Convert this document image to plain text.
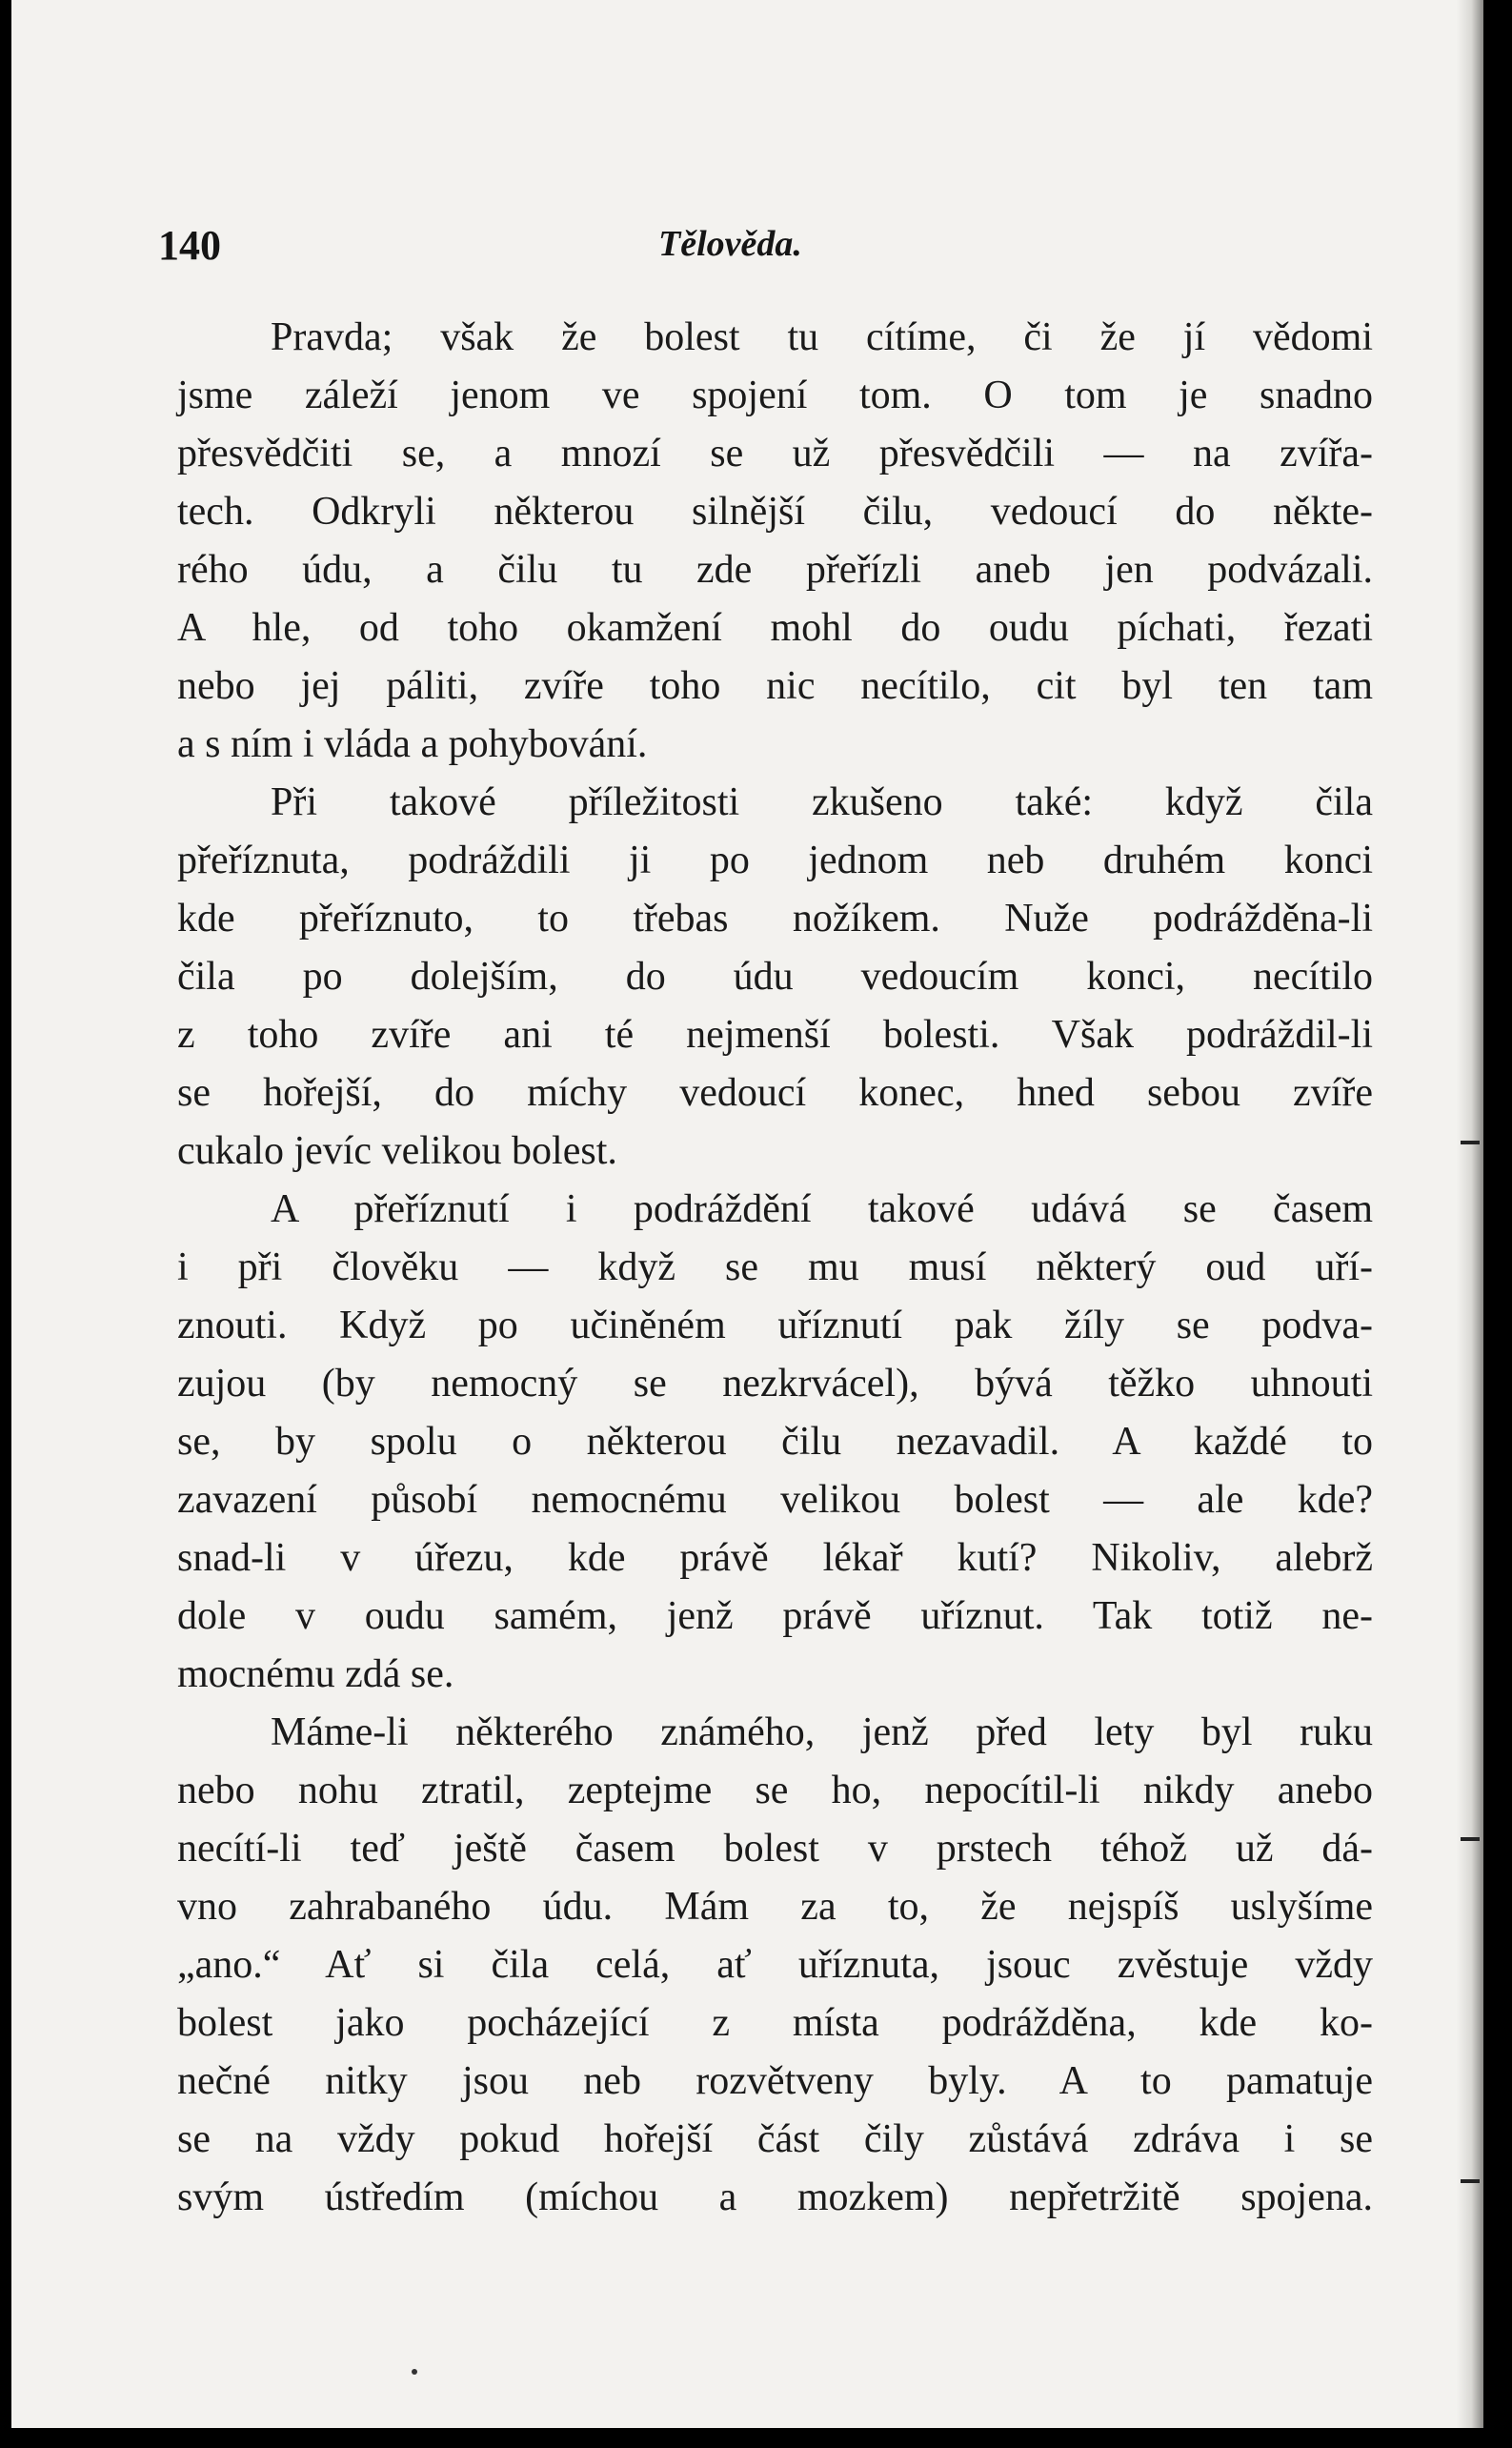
140	Tělověda.
Pravda; však že bolest tu cítíme, či že jí vědomi
jsme záleží jenom ve spojení tom. O tom je snadno
přesvědčiti se, a mnozí se už přesvědčili — na zvířa-
tech. Odkryli některou silnější čilu, vedoucí do někte-
rého údu, a čilu tu zde přeřízli aneb jen podvázali.
A hle, od toho okamžení mohl do oudu píchati, řezati
nebo jej páliti, zvíře toho nic necítilo, cit byl ten tam
a s ním i vláda a pohybování.
Při takové příležitosti zkušeno také: když čila
přeříznuta, podráždili ji po jednom neb druhém konci
kde přeříznuto, to třebas nožíkem. Nuže podrážděna-li
čila po dolejším, do údu vedoucím konci, necítilo
z toho zvíře ani té nejmenší bolesti. Však podráždil-li
se hořejší, do míchy vedoucí konec, hned sebou zvíře
cukalo jevíc velikou bolest.
A přeříznutí i podráždění takové udává se časem
i při člověku — když se mu musí některý oud uří-
znouti. Když po učiněném uříznutí pak žíly se podva-
zujou (by nemocný se nezkrvácel), bývá těžko uhnouti
se, by spolu o některou čilu nezavadil. A každé to
zavazení působí nemocnému velikou bolest — ale kde?
snad-li v úřezu, kde právě lékař kutí? Nikoliv, alebrž
dole v oudu samém, jenž právě uříznut. Tak totiž ne-
mocnému zdá se.
Máme-li některého známého, jenž před lety byl ruku
nebo nohu ztratil, zeptejme se ho, nepocítil-li nikdy anebo
necítí-li teď ještě časem bolest v prstech téhož už dá-
vno zahrabaného údu. Mám za to, že nejspíš uslyšíme
„ano.“ Ať si čila celá, ať uříznuta, jsouc zvěstuje vždy
bolest jako pocházející z místa podrážděna, kde ko-
nečné nitky jsou neb rozvětveny byly. A to pamatuje
se na vždy pokud hořejší část čily zůstává zdráva i se
svým ústředím (míchou a mozkem) nepřetržitě spojena.
